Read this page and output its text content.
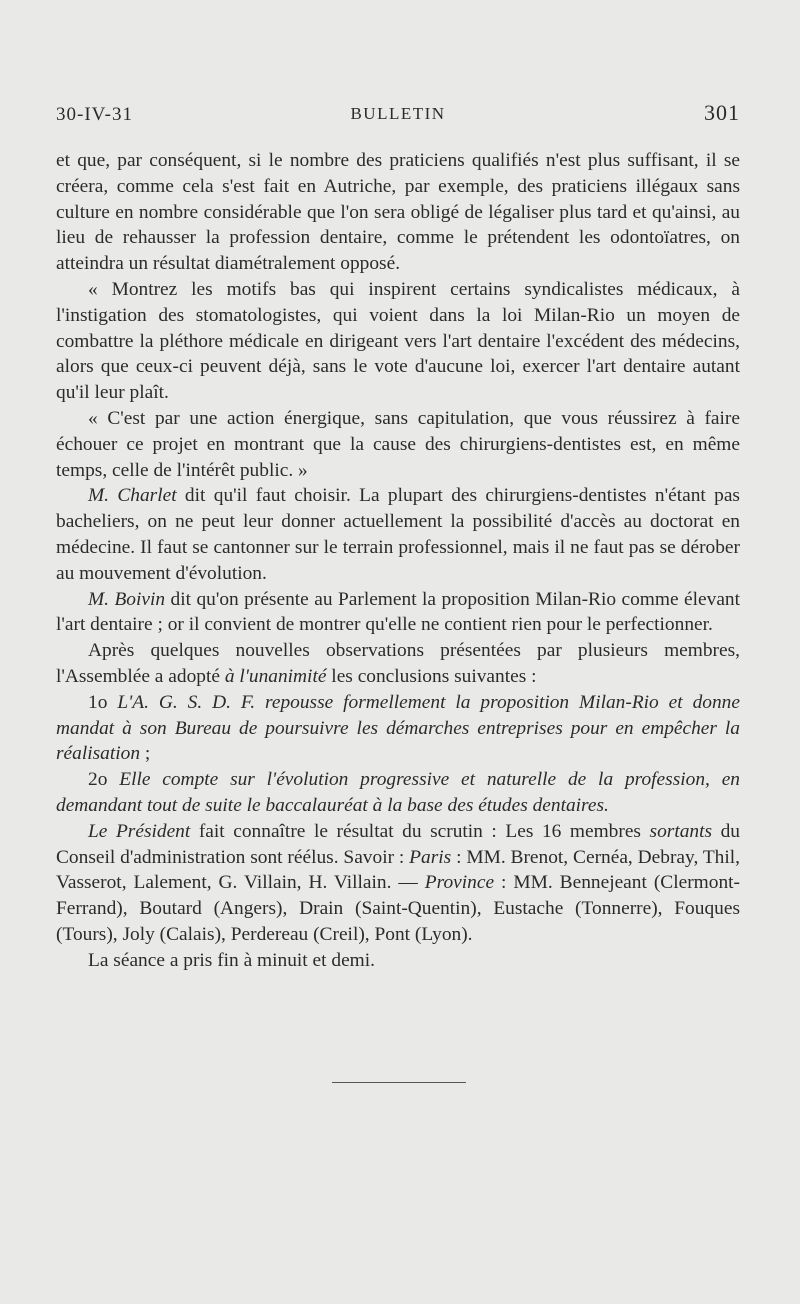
30-IV-31	BULLETIN	301

et que, par conséquent, si le nombre des praticiens qualifiés n'est plus suffisant, il se créera, comme cela s'est fait en Autriche, par exemple, des praticiens illégaux sans culture en nombre considérable que l'on sera obligé de légaliser plus tard et qu'ainsi, au lieu de rehausser la profession dentaire, comme le prétendent les odontoïatres, on atteindra un résultat diamétralement opposé.

« Montrez les motifs bas qui inspirent certains syndicalistes médicaux, à l'instigation des stomatologistes, qui voient dans la loi Milan-Rio un moyen de combattre la pléthore médicale en dirigeant vers l'art dentaire l'excédent des médecins, alors que ceux-ci peuvent déjà, sans le vote d'aucune loi, exercer l'art dentaire autant qu'il leur plaît.

« C'est par une action énergique, sans capitulation, que vous réussirez à faire échouer ce projet en montrant que la cause des chirurgiens-dentistes est, en même temps, celle de l'intérêt public. »

M. Charlet dit qu'il faut choisir. La plupart des chirurgiens-dentistes n'étant pas bacheliers, on ne peut leur donner actuellement la possibilité d'accès au doctorat en médecine. Il faut se cantonner sur le terrain professionnel, mais il ne faut pas se dérober au mouvement d'évolution.

M. Boivin dit qu'on présente au Parlement la proposition Milan-Rio comme élevant l'art dentaire ; or il convient de montrer qu'elle ne contient rien pour le perfectionner.

Après quelques nouvelles observations présentées par plusieurs membres, l'Assemblée a adopté à l'unanimité les conclusions suivantes :

1o L'A. G. S. D. F. repousse formellement la proposition Milan-Rio et donne mandat à son Bureau de poursuivre les démarches entreprises pour en empêcher la réalisation ;

2o Elle compte sur l'évolution progressive et naturelle de la profession, en demandant tout de suite le baccalauréat à la base des études dentaires.

Le Président fait connaître le résultat du scrutin : Les 16 membres sortants du Conseil d'administration sont réélus. Savoir : Paris : MM. Brenot, Cernéa, Debray, Thil, Vasserot, Lalement, G. Villain, H. Villain. — Province : MM. Bennejeant (Clermont-Ferrand), Boutard (Angers), Drain (Saint-Quentin), Eustache (Tonnerre), Fouques (Tours), Joly (Calais), Perdereau (Creil), Pont (Lyon).

La séance a pris fin à minuit et demi.
